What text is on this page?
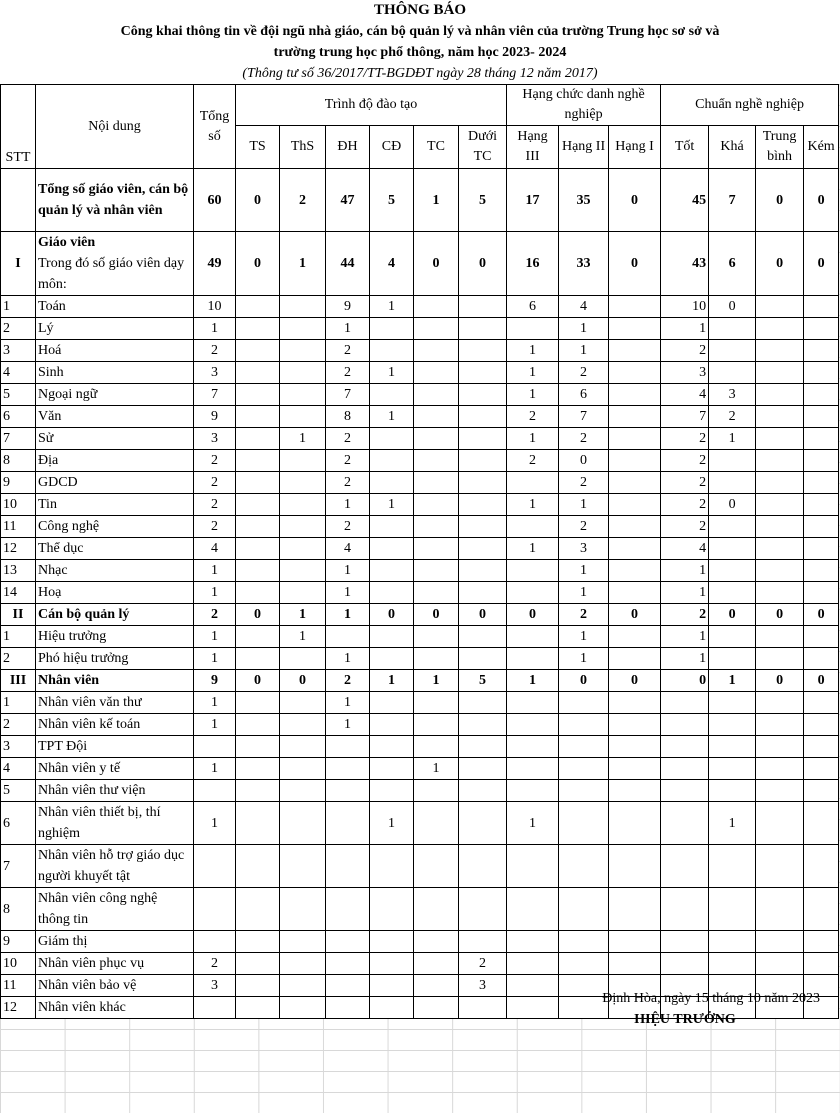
THÔNG BÁO
Công khai thông tin về đội ngũ nhà giáo, cán bộ quản lý và nhân viên của trường Trung học sơ sở và
trường trung học phổ thông, năm học 2023- 2024
(Thông tư số 36/2017/TT-BGDĐT ngày 28 tháng 12 năm 2017)
STT	Nội dung	Tổng số	Trình độ đào tạo						Hạng chức danh nghề nghiệp			Chuẩn nghề nghiệp			
			TS	ThS	ĐH	CĐ	TC	Dưới TC	Hạng III	Hạng II	Hạng I	Tốt	Khá	Trung bình	Kém
	Tổng số giáo viên, cán bộ quản lý và nhân viên	60	0	2	47	5	1	5	17	35	0	45	7	0	0
I	Giáo viên
Trong đó số giáo viên dạy môn:	49	0	1	44	4	0	0	16	33	0	43	6	0	0
1	Toán	10			9	1			6	4		10	0		
2	Lý	1			1					1		1			
3	Hoá	2			2				1	1		2			
4	Sinh	3			2	1			1	2		3			
5	Ngoại ngữ	7			7				1	6		4	3		
6	Văn	9			8	1			2	7		7	2		
7	Sử	3		1	2				1	2		2	1		
8	Địa	2			2				2	0		2			
9	GDCD	2			2					2		2			
10	Tin	2			1	1			1	1		2	0		
11	Công nghệ	2			2					2		2			
12	Thể dục	4			4				1	3		4			
13	Nhạc	1			1					1		1			
14	Hoạ	1			1					1		1			
II	Cán bộ quản lý	2	0	1	1	0	0	0	0	2	0	2	0	0	0
1	Hiệu trưởng	1		1						1		1			
2	Phó hiệu trưởng	1			1					1		1			
III	Nhân viên	9	0	0	2	1	1	5	1	0	0	0	1	0	0
1	Nhân viên văn thư	1			1										
2	Nhân viên kế toán	1			1										
3	TPT Đội														
4	Nhân viên y tế	1					1								
5	Nhân viên thư viện														
6	Nhân viên thiết bị, thí nghiệm	1				1			1				1		
7	Nhân viên hỗ trợ giáo dục người khuyết tật														
8	Nhân viên công nghệ thông tin														
9	Giám thị														
10	Nhân viên phục vụ	2						2							
11	Nhân viên bảo vệ	3						3							
12	Nhân viên khác														
Định Hòa, ngày 15 tháng 10 năm 2023
HIỆU TRƯỞNG
